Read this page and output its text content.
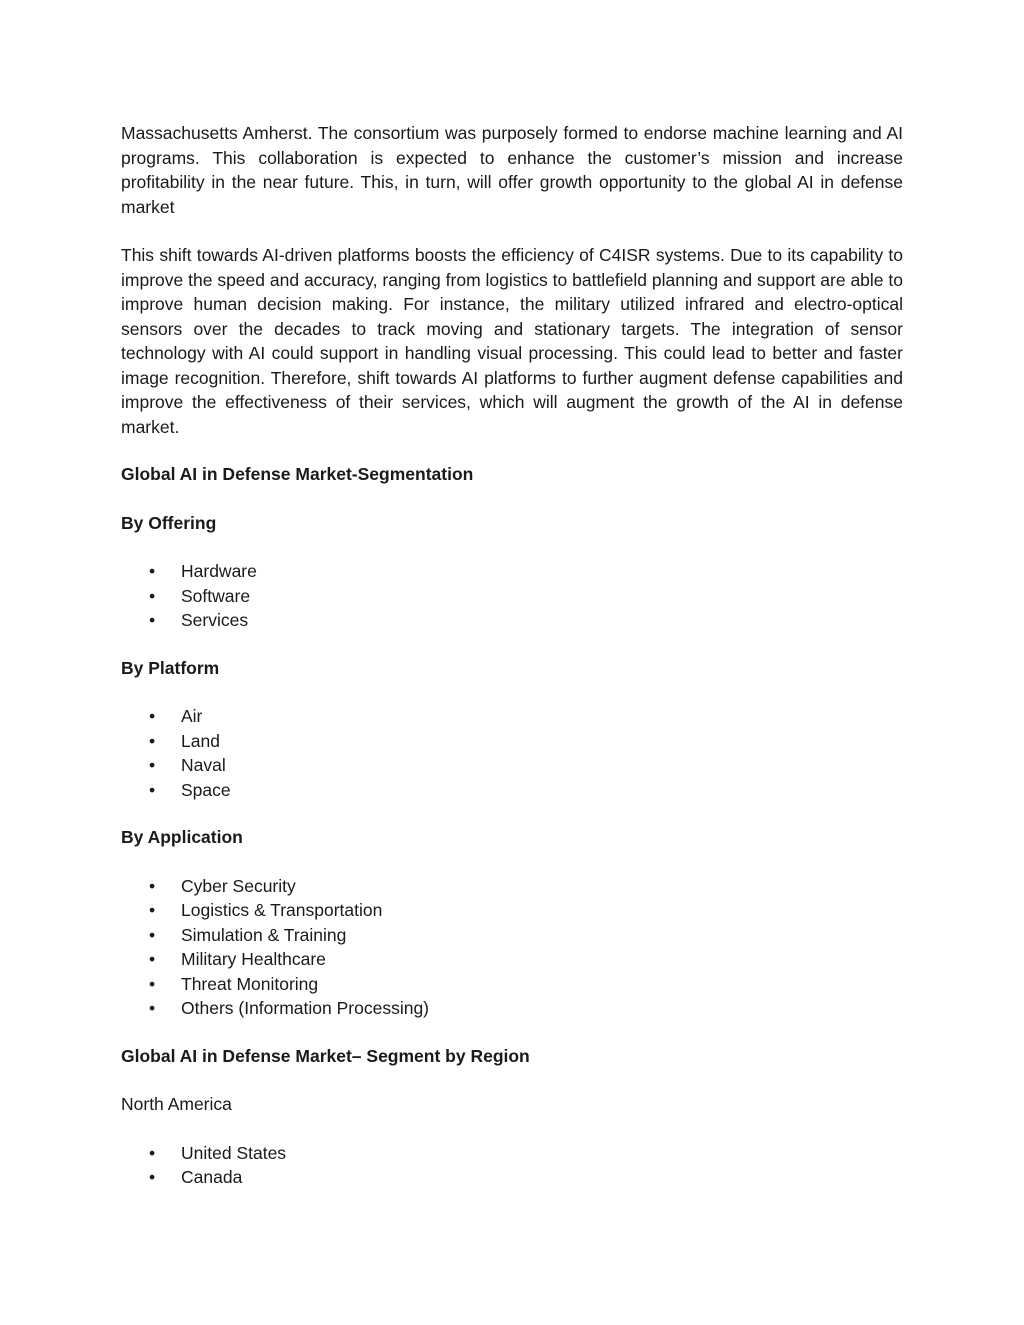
Massachusetts Amherst. The consortium was purposely formed to endorse machine learning and AI programs. This collaboration is expected to enhance the customer’s mission and increase profitability in the near future. This, in turn, will offer growth opportunity to the global AI in defense market

This shift towards AI-driven platforms boosts the efficiency of C4ISR systems. Due to its capability to improve the speed and accuracy, ranging from logistics to battlefield planning and support are able to improve human decision making. For instance, the military utilized infrared and electro-optical sensors over the decades to track moving and stationary targets. The integration of sensor technology with AI could support in handling visual processing. This could lead to better and faster image recognition. Therefore, shift towards AI platforms to further augment defense capabilities and improve the effectiveness of their services, which will augment the growth of the AI in defense market.

Global AI in Defense Market-Segmentation
By Offering
• Hardware
• Software
• Services
By Platform
• Air
• Land
• Naval
• Space
By Application
• Cyber Security
• Logistics & Transportation
• Simulation & Training
• Military Healthcare
• Threat Monitoring
• Others (Information Processing)
Global AI in Defense Market– Segment by Region

North America

• United States
• Canada
